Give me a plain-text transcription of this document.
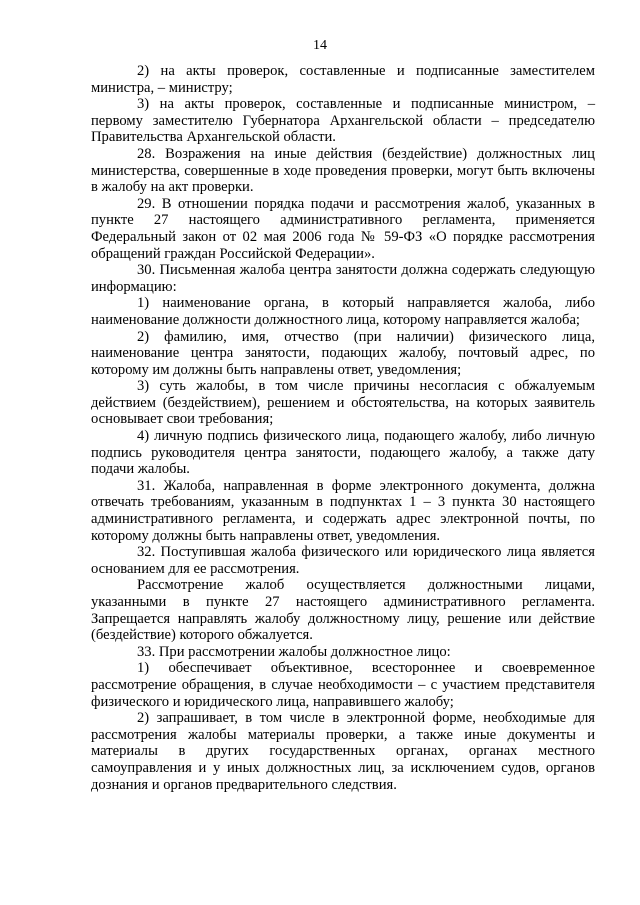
14

2) на акты проверок, составленные и подписанные заместителем министра, – министру;

3) на акты проверок, составленные и подписанные министром, – первому заместителю Губернатора Архангельской области – председателю Правительства Архангельской области.

28. Возражения на иные действия (бездействие) должностных лиц министерства, совершенные в ходе проведения проверки, могут быть включены в жалобу на акт проверки.

29. В отношении порядка подачи и рассмотрения жалоб, указанных в пункте 27 настоящего административного регламента, применяется Федеральный закон от 02 мая 2006 года № 59-ФЗ «О порядке рассмотрения обращений граждан Российской Федерации».

30. Письменная жалоба центра занятости должна содержать следующую информацию:

1) наименование органа, в который направляется жалоба, либо наименование должности должностного лица, которому направляется жалоба;

2) фамилию, имя, отчество (при наличии) физического лица, наименование центра занятости, подающих жалобу, почтовый адрес, по которому им должны быть направлены ответ, уведомления;

3) суть жалобы, в том числе причины несогласия с обжалуемым действием (бездействием), решением и обстоятельства, на которых заявитель основывает свои требования;

4) личную подпись физического лица, подающего жалобу, либо личную подпись руководителя центра занятости, подающего жалобу, а также дату подачи жалобы.

31. Жалоба, направленная в форме электронного документа, должна отвечать требованиям, указанным в подпунктах 1 – 3 пункта 30 настоящего административного регламента, и содержать адрес электронной почты, по которому должны быть направлены ответ, уведомления.

32. Поступившая жалоба физического или юридического лица является основанием для ее рассмотрения.

Рассмотрение жалоб осуществляется должностными лицами, указанными в пункте 27 настоящего административного регламента. Запрещается направлять жалобу должностному лицу, решение или действие (бездействие) которого обжалуется.

33. При рассмотрении жалобы должностное лицо:

1) обеспечивает объективное, всестороннее и своевременное рассмотрение обращения, в случае необходимости – с участием представителя физического и юридического лица, направившего жалобу;

2) запрашивает, в том числе в электронной форме, необходимые для рассмотрения жалобы материалы проверки, а также иные документы и материалы в других государственных органах, органах местного самоуправления и у иных должностных лиц, за исключением судов, органов дознания и органов предварительного следствия.
